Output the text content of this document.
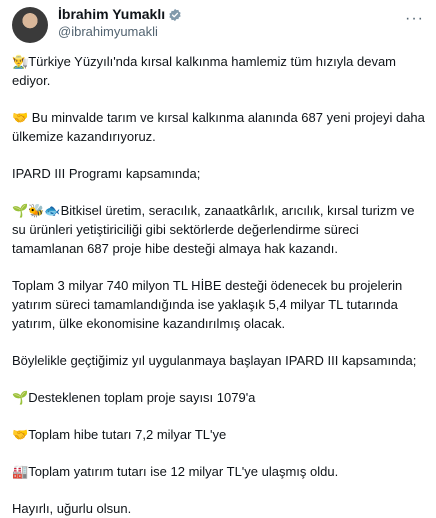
İbrahim Yumaklı
@ibrahimyumakli
···

👨‍🌾Türkiye Yüzyılı'nda kırsal kalkınma hamlemiz tüm hızıyla devam ediyor.

🤝 Bu minvalde tarım ve kırsal kalkınma alanında 687 yeni projeyi daha ülkemize kazandırıyoruz.

IPARD III Programı kapsamında;

🌱🐝🐟Bitkisel üretim, seracılık, zanaatkârlık, arıcılık, kırsal turizm ve su ürünleri yetiştiriciliği gibi sektörlerde değerlendirme süreci tamamlanan 687 proje hibe desteği almaya hak kazandı.

Toplam 3 milyar 740 milyon TL HİBE desteği ödenecek bu projelerin yatırım süreci tamamlandığında ise yaklaşık 5,4 milyar TL tutarında yatırım, ülke ekonomisine kazandırılmış olacak.

Böylelikle geçtiğimiz yıl uygulanmaya başlayan IPARD III kapsamında;

🌱Desteklenen toplam proje sayısı 1079'a

🤝Toplam hibe tutarı 7,2 milyar TL'ye

🏭Toplam yatırım tutarı ise 12 milyar TL'ye ulaşmış oldu.

Hayırlı, uğurlu olsun.
